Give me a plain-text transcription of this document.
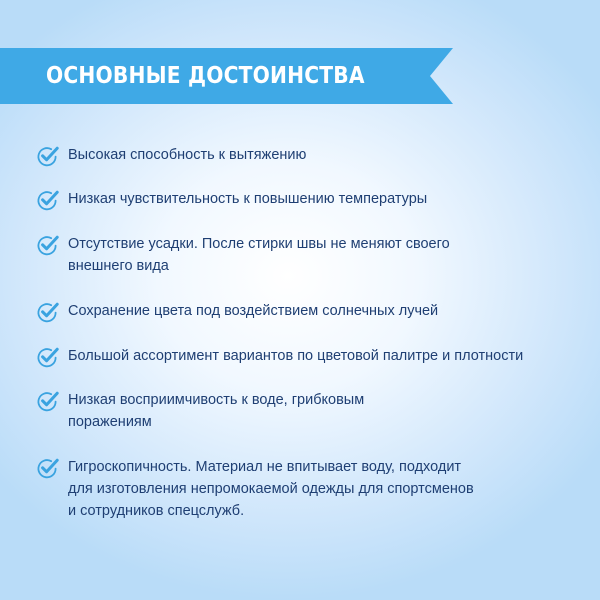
ОСНОВНЫЕ ДОСТОИНСТВА
Высокая способность к вытяжению
Низкая чувствительность к повышению температуры
Отсутствие усадки. После стирки швы не меняют своего
внешнего вида
Сохранение цвета под воздействием солнечных лучей
Большой ассортимент вариантов по цветовой палитре и плотности
Низкая восприимчивость к воде, грибковым
поражениям
Гигроскопичность. Материал не впитывает воду, подходит
для изготовления непромокаемой одежды для спортсменов
и сотрудников спецслужб.
